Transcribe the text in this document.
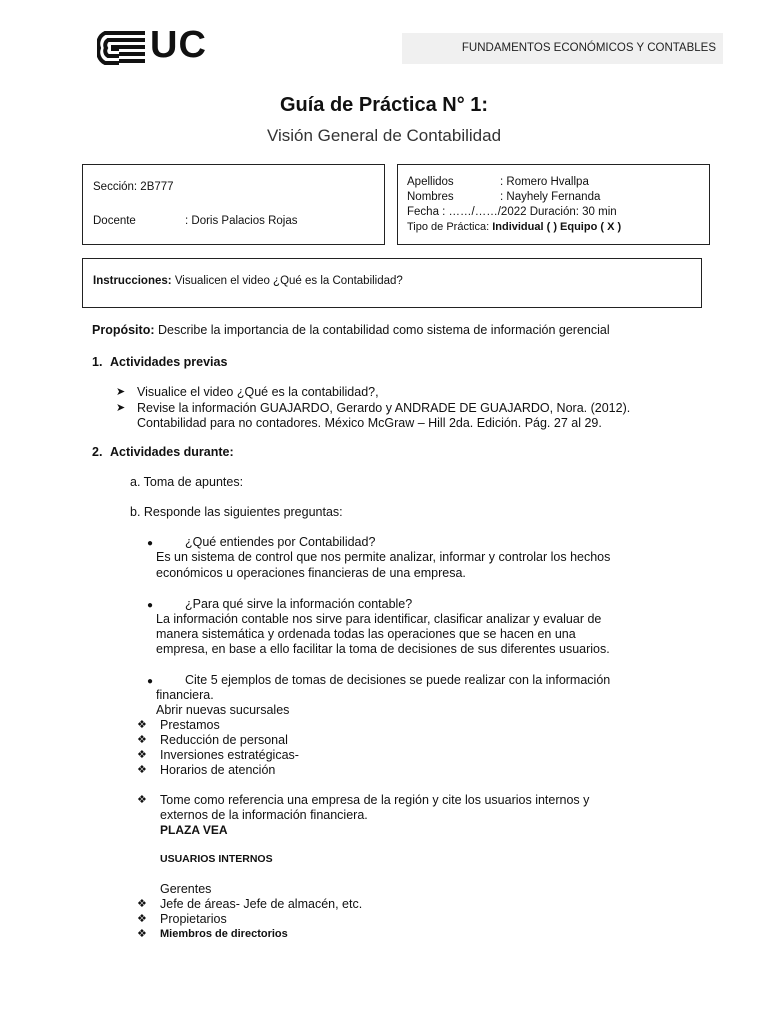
UC	FUNDAMENTOS ECONÓMICOS Y CONTABLES
Guía de Práctica N° 1:
Visión General de Contabilidad
Sección: 2B777
Docente	: Doris Palacios Rojas
Apellidos	: Romero Hvallpa
Nombres	: Nayhely Fernanda
Fecha : ……/……/2022 Duración: 30 min
Tipo de Práctica: Individual ( ) Equipo ( X )
Instrucciones: Visualicen el video ¿Qué es la Contabilidad?
Propósito: Describe la importancia de la contabilidad como sistema de información gerencial
1. Actividades previas
➤ Visualice el video ¿Qué es la contabilidad?,
➤ Revise la información GUAJARDO, Gerardo y ANDRADE DE GUAJARDO, Nora. (2012).
Contabilidad para no contadores. México McGraw – Hill 2da. Edición. Pág. 27 al 29.
2. Actividades durante:
a. Toma de apuntes:
b. Responde las siguientes preguntas:
●	¿Qué entiendes por Contabilidad?
Es un sistema de control que nos permite analizar, informar y controlar los hechos
económicos u operaciones financieras de una empresa.
●	¿Para qué sirve la información contable?
La información contable nos sirve para identificar, clasificar analizar y evaluar de
manera sistemática y ordenada todas las operaciones que se hacen en una
empresa, en base a ello facilitar la toma de decisiones de sus diferentes usuarios.
●	Cite 5 ejemplos de tomas de decisiones se puede realizar con la información
financiera.
Abrir nuevas sucursales
❖ Prestamos
❖ Reducción de personal
❖ Inversiones estratégicas-
❖ Horarios de atención
❖ Tome como referencia una empresa de la región y cite los usuarios internos y
externos de la información financiera.
PLAZA VEA
USUARIOS INTERNOS
Gerentes
❖ Jefe de áreas- Jefe de almacén, etc.
❖ Propietarios
❖ Miembros de directorios
